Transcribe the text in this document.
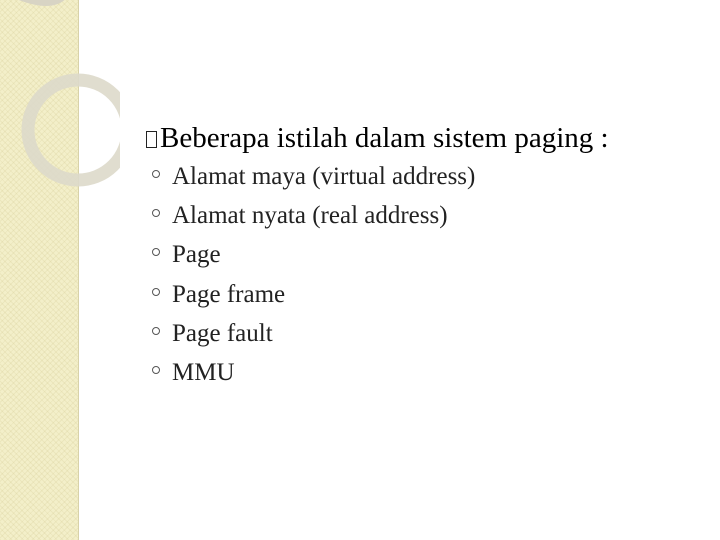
Beberapa istilah dalam sistem paging :
Alamat maya (virtual address)
Alamat nyata (real address)
Page
Page frame
Page fault
MMU
